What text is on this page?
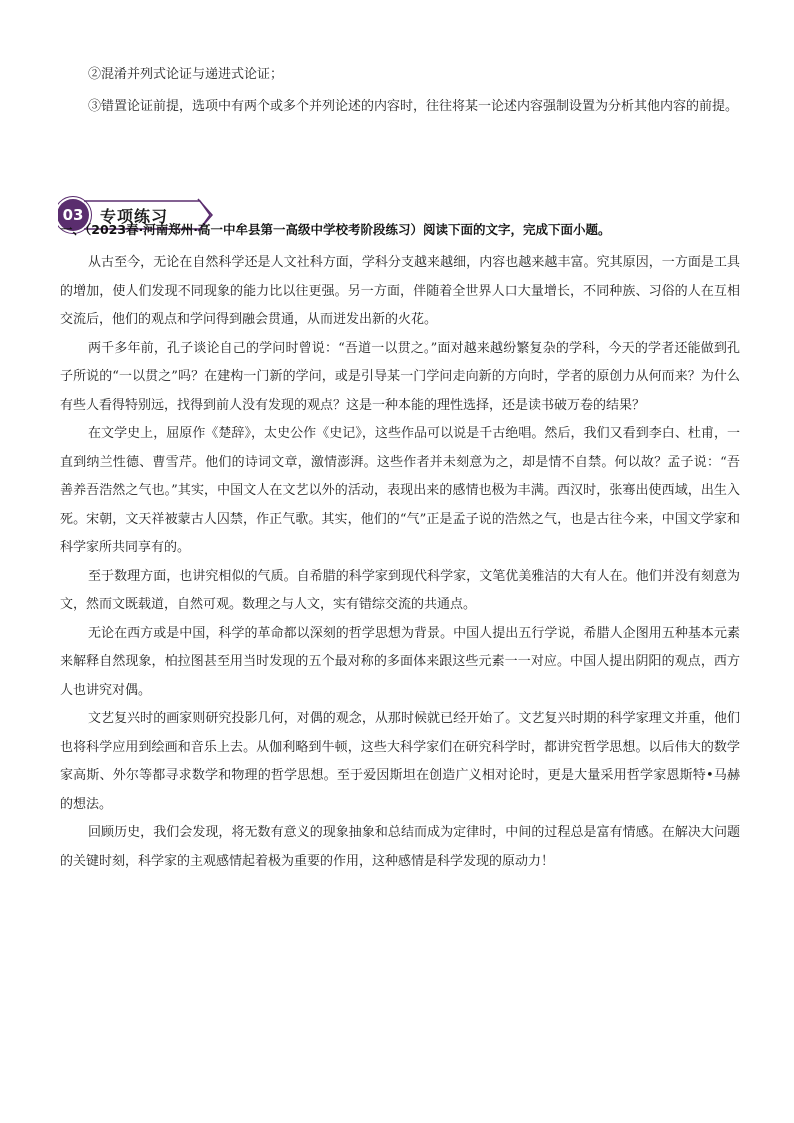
②混淆并列式论证与递进式论证；

③错置论证前提，选项中有两个或多个并列论述的内容时，往往将某一论述内容强制设置为分析其他内容的前提。

03 专项练习
一、（2023春·河南郑州·高一中牟县第一高级中学校考阶段练习）阅读下面的文字，完成下面小题。

从古至今，无论在自然科学还是人文社科方面，学科分支越来越细，内容也越来越丰富。究其原因，一方面是工具的增加，使人们发现不同现象的能力比以往更强。另一方面，伴随着全世界人口大量增长，不同种族、习俗的人在互相交流后，他们的观点和学问得到融会贯通，从而迸发出新的火花。

两千多年前，孔子谈论自己的学问时曾说：“吾道一以贯之。”面对越来越纷繁复杂的学科，今天的学者还能做到孔子所说的“一以贯之”吗？在建构一门新的学问，或是引导某一门学问走向新的方向时，学者的原创力从何而来？为什么有些人看得特别远，找得到前人没有发现的观点？这是一种本能的理性选择，还是读书破万卷的结果？

在文学史上，屈原作《楚辞》，太史公作《史记》，这些作品可以说是千古绝唱。然后，我们又看到李白、杜甫，一直到纳兰性德、曹雪芹。他们的诗词文章，激情澎湃。这些作者并未刻意为之，却是情不自禁。何以故？孟子说：“吾善养吾浩然之气也。”其实，中国文人在文艺以外的活动，表现出来的感情也极为丰满。西汉时，张骞出使西域，出生入死。宋朝，文天祥被蒙古人囚禁，作正气歌。其实，他们的“气”正是孟子说的浩然之气，也是古往今来，中国文学家和科学家所共同享有的。

至于数理方面，也讲究相似的气质。自希腊的科学家到现代科学家，文笔优美雅洁的大有人在。他们并没有刻意为文，然而文既载道，自然可观。数理之与人文，实有错综交流的共通点。

无论在西方或是中国，科学的革命都以深刻的哲学思想为背景。中国人提出五行学说，希腊人企图用五种基本元素来解释自然现象，柏拉图甚至用当时发现的五个最对称的多面体来跟这些元素一一对应。中国人提出阴阳的观点，西方人也讲究对偶。

文艺复兴时的画家则研究投影几何，对偶的观念，从那时候就已经开始了。文艺复兴时期的科学家理文并重，他们也将科学应用到绘画和音乐上去。从伽利略到牛顿，这些大科学家们在研究科学时，都讲究哲学思想。以后伟大的数学家高斯、外尔等都寻求数学和物理的哲学思想。至于爱因斯坦在创造广义相对论时，更是大量采用哲学家恩斯特•马赫的想法。

回顾历史，我们会发现，将无数有意义的现象抽象和总结而成为定律时，中间的过程总是富有情感。在解决大问题的关键时刻，科学家的主观感情起着极为重要的作用，这种感情是科学发现的原动力！
